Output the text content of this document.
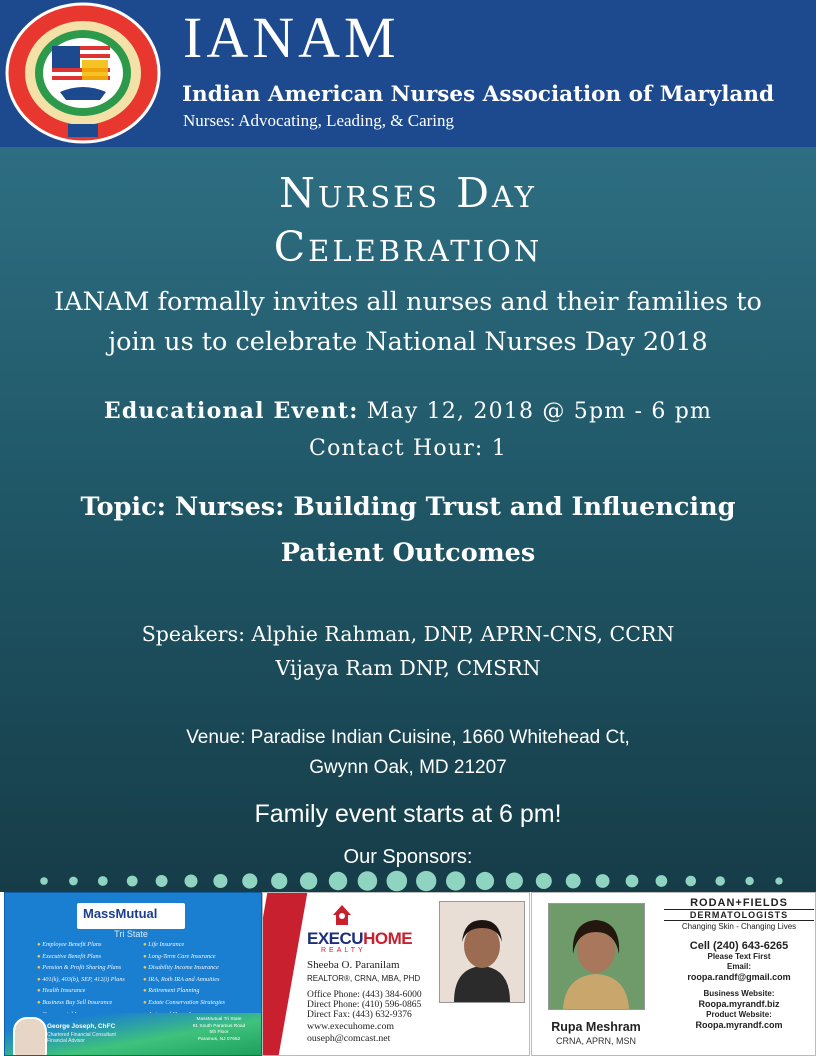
IANAM
Indian American Nurses Association of Maryland
Nurses: Advocating, Leading, & Caring
Nurses Day
Celebration
IANAM formally invites all nurses and their families to
join us to celebrate National Nurses Day 2018
Educational Event: May 12, 2018 @ 5pm - 6 pm
Contact Hour: 1
Topic: Nurses: Building Trust and Influencing
Patient Outcomes
Speakers: Alphie Rahman, DNP, APRN-CNS, CCRN
Vijaya Ram DNP, CMSRN
Venue: Paradise Indian Cuisine, 1660 Whitehead Ct,
Gwynn Oak, MD 21207
Family event starts at 6 pm!
Our Sponsors:
MassMutual
Tri State
● Employee Benefit Plans
● Executive Benefit Plans
● Pension & Profit Sharing Plans
● 401(k), 403(b), SEP, 412(i) Plans
● Health Insurance
● Business Buy Sell Insurance
●
● Life Insurance
● Long-Term Care Insurance
● Disability Income Insurance
● IRA, Roth IRA and Annuities
● Retirement Planning
● Estate Conservation Strategies
●
George Joseph, ChFC
Chartered Financial Consultant
Financial Advisor
MassMutual Tri State
81 South Paramus Road
5th Floor
Paramus, NJ 07652
EXECUHOME
REALTY
Sheeba O. Paranilam
REALTOR®, CRNA, MBA, PHD
Office Phone: (443) 384-6000
Direct Phone: (410) 596-0865
Direct Fax: (443) 632-9376
www.execuhome.com
ouseph@comcast.net
Rupa Meshram
CRNA, APRN, MSN
RODAN+FIELDS
DERMATOLOGISTS
Changing Skin - Changing Lives
Cell (240) 643-6265
Please Text First
Email:
roopa.randf@gmail.com
Business Website:
Roopa.myrandf.biz
Product Website:
Roopa.myrandf.com
